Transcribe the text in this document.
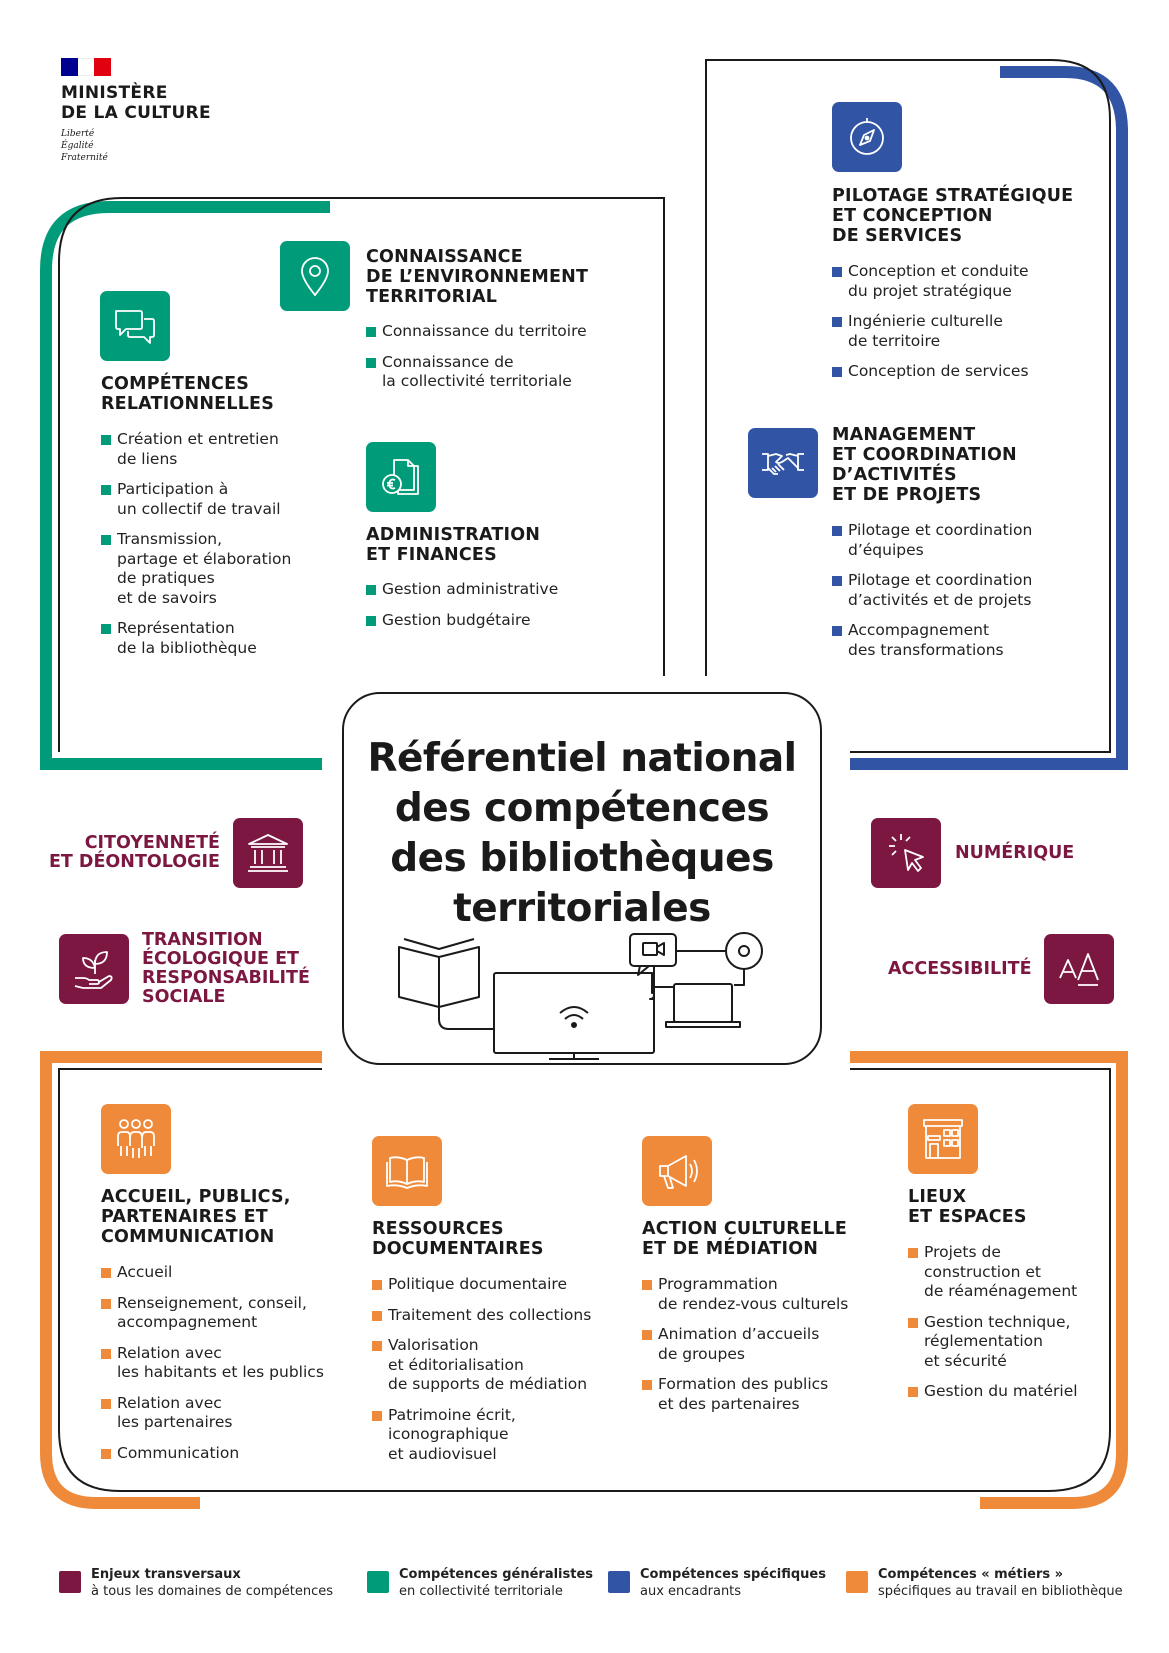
MINISTÈRE
DE LA CULTURE
Liberté
Égalité
Fraternité
Référentiel national
des compétences
des bibliothèques
territoriales
COMPÉTENCES
RELATIONNELLES
Création et entretien
de liens
Participation à
un collectif de travail
Transmission,
partage et élaboration
de pratiques
et de savoirs
Représentation
de la bibliothèque
CONNAISSANCE
DE L’ENVIRONNEMENT
TERRITORIAL
Connaissance du territoire
Connaissance de
la collectivité territoriale
ADMINISTRATION
ET FINANCES
Gestion administrative
Gestion budgétaire
PILOTAGE STRATÉGIQUE
ET CONCEPTION
DE SERVICES
Conception et conduite
du projet stratégique
Ingénierie culturelle
de territoire
Conception de services
MANAGEMENT
ET COORDINATION
D’ACTIVITÉS
ET DE PROJETS
Pilotage et coordination
d’équipes
Pilotage et coordination
d’activités et de projets
Accompagnement
des transformations
CITOYENNETÉ
ET DÉONTOLOGIE
TRANSITION
ÉCOLOGIQUE ET
RESPONSABILITÉ
SOCIALE
NUMÉRIQUE
ACCESSIBILITÉ
ACCUEIL, PUBLICS,
PARTENAIRES ET
COMMUNICATION
Accueil
Renseignement, conseil,
accompagnement
Relation avec
les habitants et les publics
Relation avec
les partenaires
Communication
RESSOURCES
DOCUMENTAIRES
Politique documentaire
Traitement des collections
Valorisation
et éditorialisation
de supports de médiation
Patrimoine écrit,
iconographique
et audiovisuel
ACTION CULTURELLE
ET DE MÉDIATION
Programmation
de rendez-vous culturels
Animation d’accueils
de groupes
Formation des publics
et des partenaires
LIEUX
ET ESPACES
Projets de
construction et
de réaménagement
Gestion technique,
réglementation
et sécurité
Gestion du matériel
Enjeux transversaux
à tous les domaines de compétences
Compétences généralistes
en collectivité territoriale
Compétences spécifiques
aux encadrants
Compétences « métiers »
spécifiques au travail en bibliothèque
